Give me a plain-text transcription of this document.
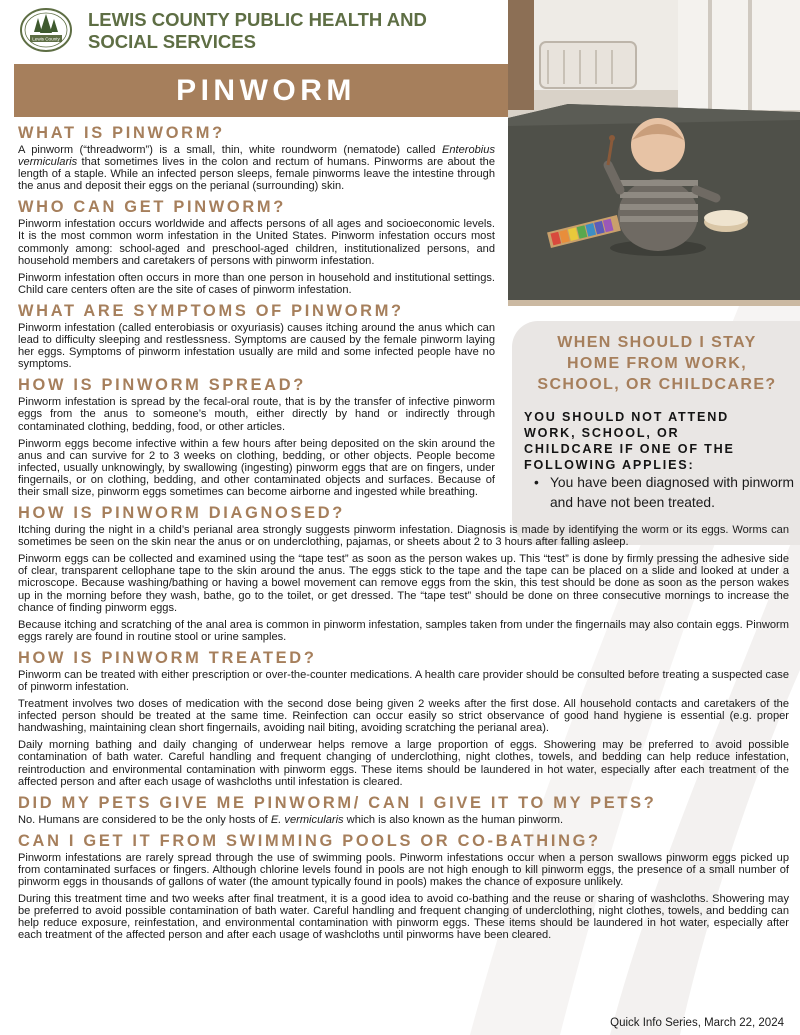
Lewis County
LEWIS COUNTY PUBLIC HEALTH AND
SOCIAL SERVICES
PINWORM
WHEN SHOULD I STAY
HOME FROM WORK,
SCHOOL, OR CHILDCARE?
YOU SHOULD NOT ATTEND
WORK, SCHOOL, OR
CHILDCARE IF ONE OF THE
FOLLOWING APPLIES:
• You have been diagnosed with pinworm and have not been treated.
WHAT IS PINWORM?

A pinworm (“threadworm”) is a small, thin, white roundworm (nematode) called Enterobius vermicularis that sometimes lives in the colon and rectum of humans. Pinworms are about the length of a staple. While an infected person sleeps, female pinworms leave the intestine through the anus and deposit their eggs on the perianal (surrounding) skin.

WHO CAN GET PINWORM?

Pinworm infestation occurs worldwide and affects persons of all ages and socioeconomic levels. It is the most common worm infestation in the United States. Pinworm infestation occurs most commonly among: school-aged and preschool-aged children, institutionalized persons, and household members and caretakers of persons with pinworm infestation.

Pinworm infestation often occurs in more than one person in household and institutional settings. Child care centers often are the site of cases of pinworm infestation.

WHAT ARE SYMPTOMS OF PINWORM?

Pinworm infestation (called enterobiasis or oxyuriasis) causes itching around the anus which can lead to difficulty sleeping and restlessness. Symptoms are caused by the female pinworm laying her eggs. Symptoms of pinworm infestation usually are mild and some infected people have no symptoms.

HOW IS PINWORM SPREAD?

Pinworm infestation is spread by the fecal-oral route, that is by the transfer of infective pinworm eggs from the anus to someone’s mouth, either directly by hand or indirectly through contaminated clothing, bedding, food, or other articles.

Pinworm eggs become infective within a few hours after being deposited on the skin around the anus and can survive for 2 to 3 weeks on clothing, bedding, or other objects. People become infected, usually unknowingly, by swallowing (ingesting) pinworm eggs that are on fingers, under fingernails, or on clothing, bedding, and other contaminated objects and surfaces. Because of their small size, pinworm eggs sometimes can become airborne and ingested while breathing.

HOW IS PINWORM DIAGNOSED?

Itching during the night in a child’s perianal area strongly suggests pinworm infestation. Diagnosis is made by identifying the worm or its eggs. Worms can sometimes be seen on the skin near the anus or on underclothing, pajamas, or sheets about 2 to 3 hours after falling asleep.

Pinworm eggs can be collected and examined using the “tape test” as soon as the person wakes up. This “test” is done by firmly pressing the adhesive side of clear, transparent cellophane tape to the skin around the anus. The eggs stick to the tape and the tape can be placed on a slide and looked at under a microscope. Because washing/bathing or having a bowel movement can remove eggs from the skin, this test should be done as soon as the person wakes up in the morning before they wash, bathe, go to the toilet, or get dressed. The “tape test” should be done on three consecutive mornings to increase the chance of finding pinworm eggs.

Because itching and scratching of the anal area is common in pinworm infestation, samples taken from under the fingernails may also contain eggs. Pinworm eggs rarely are found in routine stool or urine samples.

HOW IS PINWORM TREATED?

Pinworm can be treated with either prescription or over-the-counter medications. A health care provider should be consulted before treating a suspected case of pinworm infestation.

Treatment involves two doses of medication with the second dose being given 2 weeks after the first dose. All household contacts and caretakers of the infected person should be treated at the same time. Reinfection can occur easily so strict observance of good hand hygiene is essential (e.g. proper handwashing, maintaining clean short fingernails, avoiding nail biting, avoiding scratching the perianal area).

Daily morning bathing and daily changing of underwear helps remove a large proportion of eggs. Showering may be preferred to avoid possible contamination of bath water. Careful handling and frequent changing of underclothing, night clothes, towels, and bedding can help reduce infestation, reintroduction and environmental contamination with pinworm eggs. These items should be laundered in hot water, especially after each treatment of the affected person and after each usage of washcloths until infestation is cleared.

DID MY PETS GIVE ME PINWORM/ CAN I GIVE IT TO MY PETS?

No. Humans are considered to be the only hosts of E. vermicularis which is also known as the human pinworm.

CAN I GET IT FROM SWIMMING POOLS OR CO-BATHING?

Pinworm infestations are rarely spread through the use of swimming pools. Pinworm infestations occur when a person swallows pinworm eggs picked up from contaminated surfaces or fingers. Although chlorine levels found in pools are not high enough to kill pinworm eggs, the presence of a small number of pinworm eggs in thousands of gallons of water (the amount typically found in pools) makes the chance of exposure unlikely.

During this treatment time and two weeks after final treatment, it is a good idea to avoid co-bathing and the reuse or sharing of washcloths. Showering may be preferred to avoid possible contamination of bath water. Careful handling and frequent changing of underclothing, night clothes, towels, and bedding can help reduce exposure, reinfestation, and environmental contamination with pinworm eggs. These items should be laundered in hot water, especially after each treatment of the affected person and after each usage of washcloths until pinworms have been cleared.

Quick Info Series, March 22, 2024
